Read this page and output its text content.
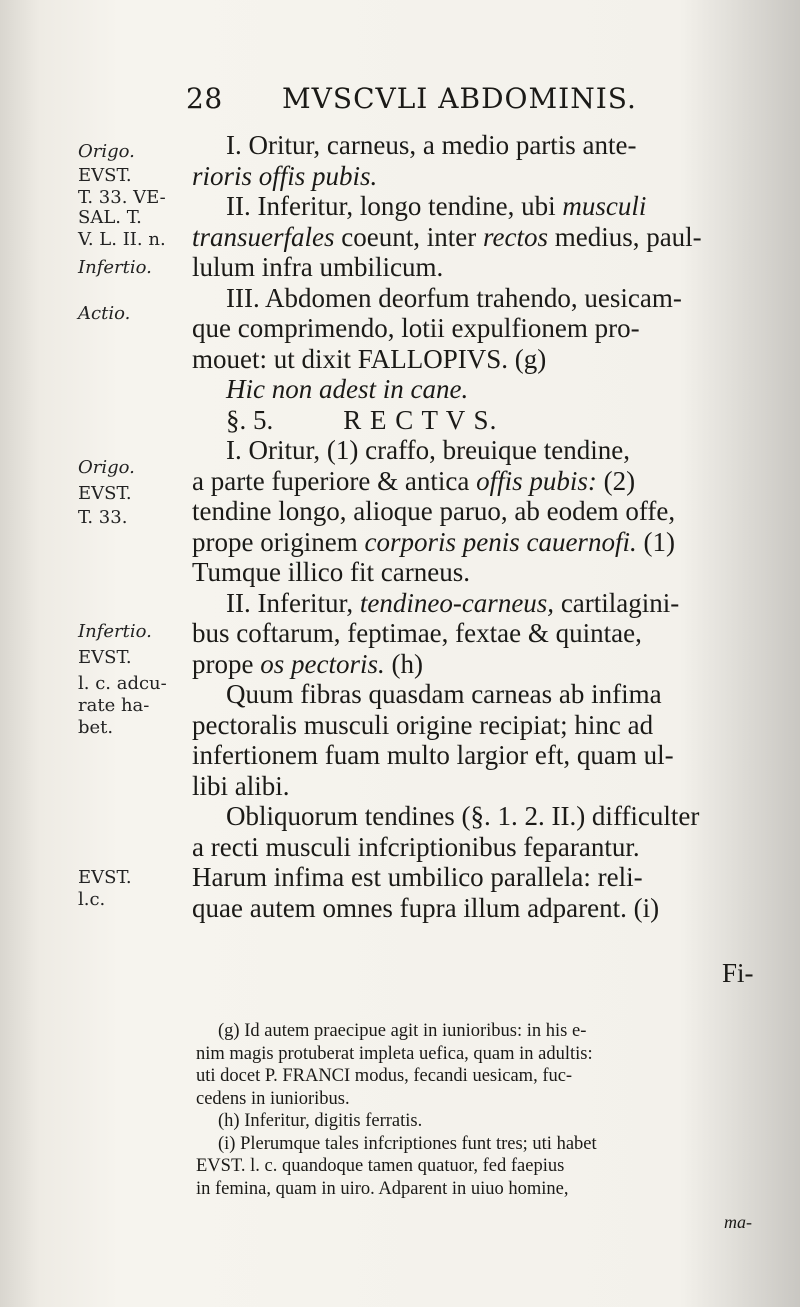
28 MVSCVLI ABDOMINIS.
Origo.
EVST.
T. 33. VE-
SAL. T.
V. L. II. n.
Infertio.
Actio.
Origo.
EVST.
T. 33.
Infertio.
EVST.
l. c. adcu-
rate ha-
bet.
EVST.
l.c.
I. Oritur, carneus, a medio partis ante-
rioris offis pubis.
II. Inferitur, longo tendine, ubi musculi
transuerfales coeunt, inter rectos medius, paul-
lulum infra umbilicum.
III. Abdomen deorfum trahendo, uesicam-
que comprimendo, lotii expulfionem pro-
mouet: ut dixit FALLOPIVS. (g)
Hic non adest in cane.
§. 5.	R E C T V S.
I. Oritur, (1) craffo, breuique tendine,
a parte fuperiore & antica offis pubis: (2)
tendine longo, alioque paruo, ab eodem offe,
prope originem corporis penis cauernofi. (1)
Tumque illico fit carneus.
II. Inferitur, tendineo-carneus, cartilagini-
bus coftarum, feptimae, fextae & quintae,
prope os pectoris. (h)
Quum fibras quasdam carneas ab infima
pectoralis musculi origine recipiat; hinc ad
infertionem fuam multo largior eft, quam ul-
libi alibi.
Obliquorum tendines (§. 1. 2. II.) difficulter
a recti musculi infcriptionibus feparantur.
Harum infima est umbilico parallela: reli-
quae autem omnes fupra illum adparent. (i)
Fi-
(g) Id autem praecipue agit in iunioribus: in his e-
nim magis protuberat impleta uefica, quam in adultis:
uti docet P. FRANCI modus, fecandi uesicam, fuc-
cedens in iunioribus.
(h) Inferitur, digitis ferratis.
(i) Plerumque tales infcriptiones funt tres; uti habet
EVST. l. c. quandoque tamen quatuor, fed faepius
in femina, quam in uiro. Adparent in uiuo homine,
ma-
